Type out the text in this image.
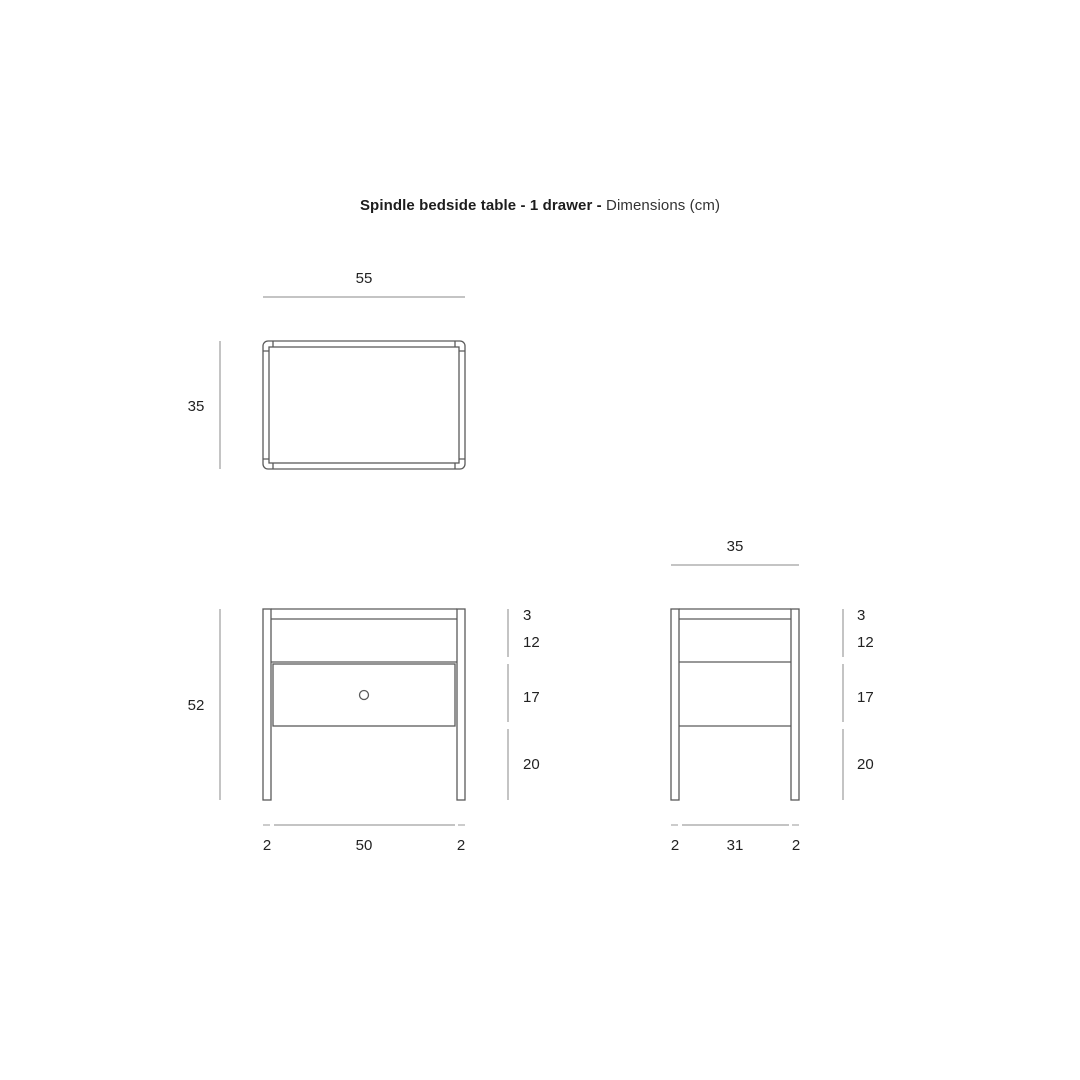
Spindle bedside table - 1 drawer - Dimensions (cm)
55
35
52
3
12
17
20
2	50	2
35
3
12
17
20
2	31	2
